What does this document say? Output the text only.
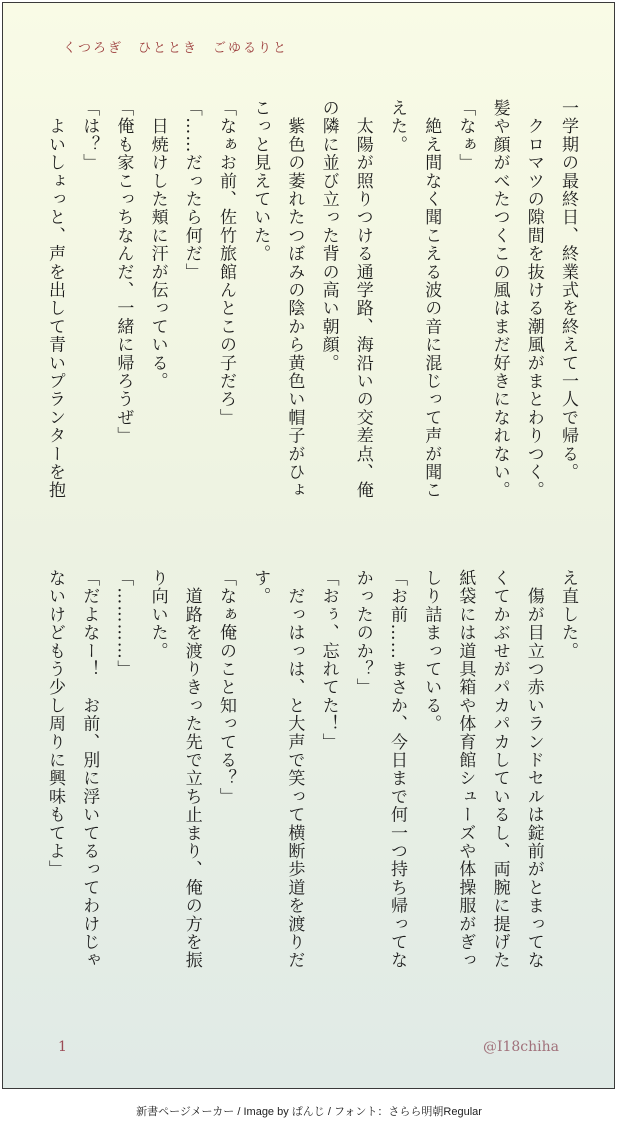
くつろぎ　ひととき　ごゆるりと
一学期の最終日、終業式を終えて一人で帰る。
　クロマツの隙間を抜ける潮風がまとわりつく。
髪や顔がべたつくこの風はまだ好きになれない。
「なぁ」
　絶え間なく聞こえる波の音に混じって声が聞こ
えた。
　太陽が照りつける通学路、海沿いの交差点、俺
の隣に並び立った背の高い朝顔。
　紫色の萎れたつぼみの陰から黄色い帽子がひょ
こっと見えていた。
「なぁお前、佐竹旅館んとこの子だろ」
「……だったら何だ」
　日焼けした頬に汗が伝っている。
「俺も家こっちなんだ、一緒に帰ろうぜ」
「は？」
　よいしょっと、声を出して青いプランターを抱
え直した。
　傷が目立つ赤いランドセルは錠前がとまってな
くてかぶせがパカパカしているし、両腕に提げた
紙袋には道具箱や体育館シューズや体操服がぎっ
しり詰まっている。
「お前……まさか、今日まで何一つ持ち帰ってな
かったのか？」
「おぅ、忘れてた！」
　だっはっは、と大声で笑って横断歩道を渡りだ
す。
「なぁ俺のこと知ってる？」
　道路を渡りきった先で立ち止まり、俺の方を振
り向いた。
「…………」
「だよなー！　お前、別に浮いてるってわけじゃ
ないけどもう少し周りに興味もてよ」
1	@I18chiha
新書ページメーカー / Image by ぱんじ / フォント：さらら明朝Regular
